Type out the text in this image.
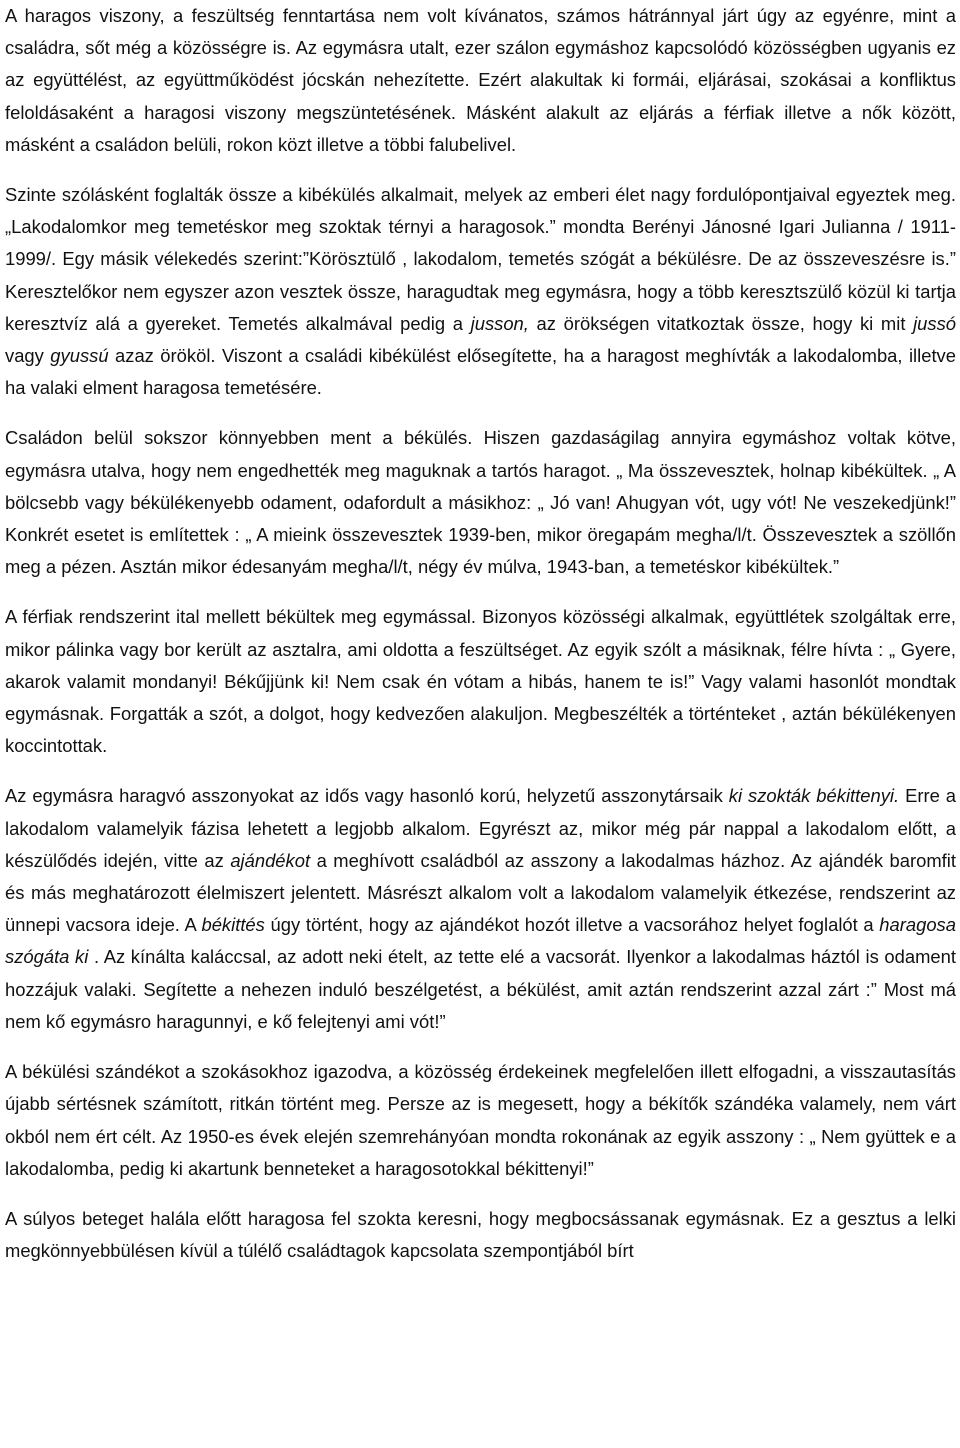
A haragos viszony, a feszültség fenntartása nem volt kívánatos, számos hátránnyal járt úgy az egyénre, mint a családra, sőt még a közösségre is. Az egymásra utalt, ezer szálon egymáshoz kapcsolódó közösségben ugyanis ez az együttélést, az együttműködést jócskán nehezítette. Ezért alakultak ki formái, eljárásai, szokásai a konfliktus feloldásaként a haragosi viszony megszüntetésének. Másként alakult az eljárás a férfiak illetve a nők között, másként a családon belüli, rokon közt illetve a többi falubelivel.

Szinte szólásként foglalták össze a kibékülés alkalmait, melyek az emberi élet nagy fordulópontjaival egyeztek meg. „Lakodalomkor meg temetéskor meg szoktak térnyi a haragosok.” mondta Berényi Jánosné Igari Julianna / 1911-1999/. Egy másik vélekedés szerint:”Körösztülő , lakodalom, temetés szógát a békülésre. De az összeveszésre is.” Keresztelőkor nem egyszer azon vesztek össze, haragudtak meg egymásra, hogy a több keresztszülő közül ki tartja keresztvíz alá a gyereket. Temetés alkalmával pedig a jusson, az örökségen vitatkoztak össze, hogy ki mit jussó vagy gyussú azaz örököl. Viszont a családi kibékülést elősegítette, ha a haragost meghívták a lakodalomba, illetve ha valaki elment haragosa temetésére.

Családon belül sokszor könnyebben ment a békülés. Hiszen gazdaságilag annyira egymáshoz voltak kötve, egymásra utalva, hogy nem engedhették meg maguknak a tartós haragot. „ Ma összevesztek, holnap kibékültek. „ A bölcsebb vagy békülékenyebb odament, odafordult a másikhoz: „ Jó van! Ahugyan vót, ugy vót! Ne veszekedjünk!” Konkrét esetet is említettek : „ A mieink összevesztek 1939-ben, mikor öregapám megha/l/t. Összevesztek a szöllőn meg a pézen. Asztán mikor édesanyám megha/l/t, négy év múlva, 1943-ban, a temetéskor kibékültek.”

A férfiak rendszerint ital mellett békültek meg egymással. Bizonyos közösségi alkalmak, együttlétek szolgáltak erre, mikor pálinka vagy bor került az asztalra, ami oldotta a feszültséget. Az egyik szólt a másiknak, félre hívta : „ Gyere, akarok valamit mondanyi! Békűjjünk ki! Nem csak én vótam a hibás, hanem te is!” Vagy valami hasonlót mondtak egymásnak. Forgatták a szót, a dolgot, hogy kedvezően alakuljon. Megbeszélték a történteket , aztán békülékenyen koccintottak.

Az egymásra haragvó asszonyokat az idős vagy hasonló korú, helyzetű asszonytársaik ki szokták békittenyi. Erre a lakodalom valamelyik fázisa lehetett a legjobb alkalom. Egyrészt az, mikor még pár nappal a lakodalom előtt, a készülődés idején, vitte az ajándékot a meghívott családból az asszony a lakodalmas házhoz. Az ajándék baromfit és más meghatározott élelmiszert jelentett. Másrészt alkalom volt a lakodalom valamelyik étkezése, rendszerint az ünnepi vacsora ideje. A békittés úgy történt, hogy az ajándékot hozót illetve a vacsorához helyet foglalót a haragosa szógáta ki . Az kínálta kaláccsal, az adott neki ételt, az tette elé a vacsorát. Ilyenkor a lakodalmas háztól is odament hozzájuk valaki. Segítette a nehezen induló beszélgetést, a békülést, amit aztán rendszerint azzal zárt :” Most má nem kő egymásro haragunnyi, e kő felejtenyi ami vót!”

A békülési szándékot a szokásokhoz igazodva, a közösség érdekeinek megfelelően illett elfogadni, a visszautasítás újabb sértésnek számított, ritkán történt meg. Persze az is megesett, hogy a békítők szándéka valamely, nem várt okból nem ért célt. Az 1950-es évek elején szemrehányóan mondta rokonának az egyik asszony : „ Nem gyüttek e a lakodalomba, pedig ki akartunk benneteket a haragosotokkal békittenyi!”

A súlyos beteget halála előtt haragosa fel szokta keresni, hogy megbocsássanak egymásnak. Ez a gesztus a lelki megkönnyebbülésen kívül a túlélő családtagok kapcsolata szempontjából bírt
